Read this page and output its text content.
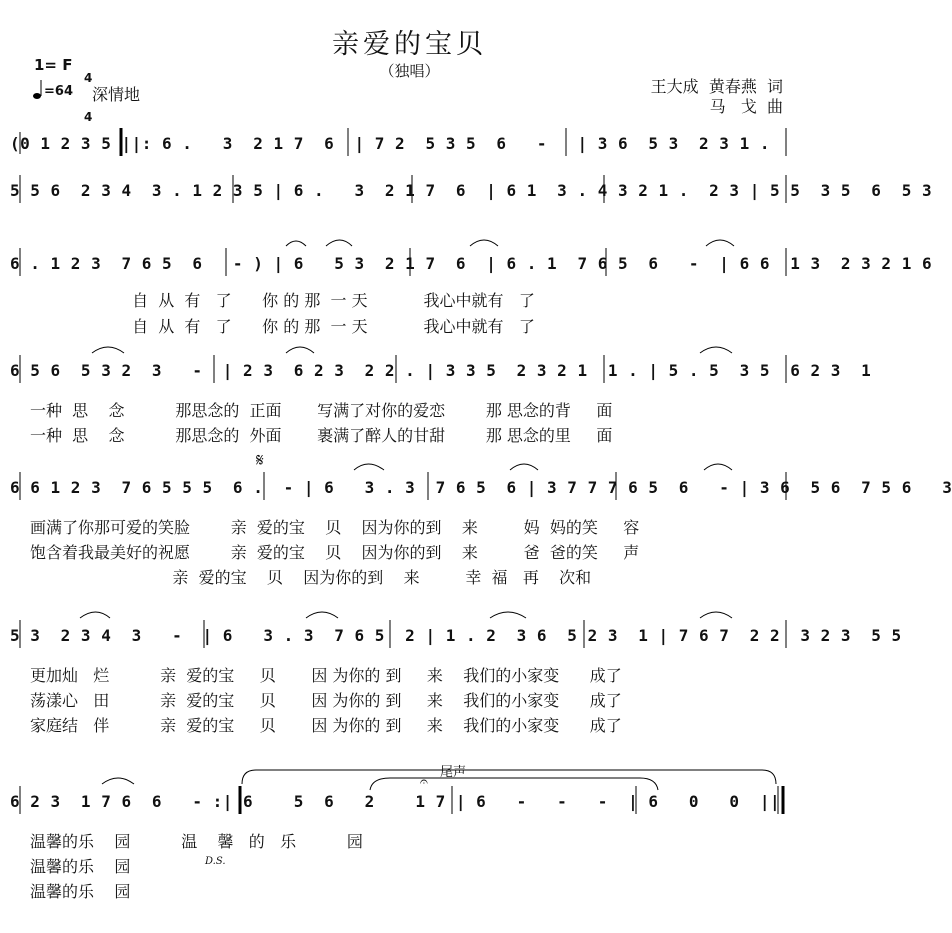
亲爱的宝贝
（独唱）
1= F

4

4

=64 深情地	王大成  黄春燕  词
马   戈  曲
(0 1 2 3 5 ||: 6 .   3  2 1 7  6  | 7 2  5 3 5  6   -   | 3 6  5 3  2 3 1 .
5 5 6  2 3 4  3 . 1 2 3 5 | 6 .   3  2 1 7  6  | 6 1  3 . 4 3 2 1 .  2 3 | 5 5  3 5  6  5 3
6 . 1 2 3  7 6 5  6   - ) | 6   5 3  2 1 7  6  | 6 . 1  7 6 5  6   -  | 6 6  1 3  2 3 2 1 6
自  从  有   了      你 的 那  一 天           我心中就有   了
自  从  有   了      你 的 那  一 天           我心中就有   了
6 5 6  5 3 2  3   -  | 2 3  6 2 3  2 2 . | 3 3 5  2 3 2 1  1 . | 5 . 5  3 5  6 2 3  1
一种  思    念          那思念的  正面       写满了对你的爱恋        那 思念的背     面
一种  思    念          那思念的  外面       裹满了醉人的甘甜        那 思念的里     面
𝄋
6 6 1 2 3  7 6 5 5 5  6 .  - | 6   3 . 3  7 6 5  6 | 3 7 7 7 6 5  6   - | 3 6  5 6  7 5 6   3
画满了你那可爱的笑脸        亲  爱的宝    贝    因为你的到    来         妈  妈的笑     容
饱含着我最美好的祝愿        亲  爱的宝    贝    因为你的到    来         爸  爸的笑     声
亲  爱的宝    贝    因为你的到    来         幸  福   再    次和
5 3  2 3 4  3   -  | 6   3 . 3  7 6 5  2 | 1 . 2  3 6  5 2 3  1 | 7 6 7  2 2  3 2 3  5 5
更加灿   烂          亲  爱的宝     贝       因 为你的 到     来    我们的小家变      成了
荡漾心   田          亲  爱的宝     贝       因 为你的 到     来    我们的小家变      成了
家庭结   伴          亲  爱的宝     贝       因 为你的 到     来    我们的小家变      成了
尾声
𝄐
6 2 3  1 7 6  6   - :| 6    5  6   2    1 7 | 6   -   -   -  | 6   0   0  ||
温馨的乐    园          温    馨   的   乐          园
温馨的乐    园
温馨的乐    园
D.S.
